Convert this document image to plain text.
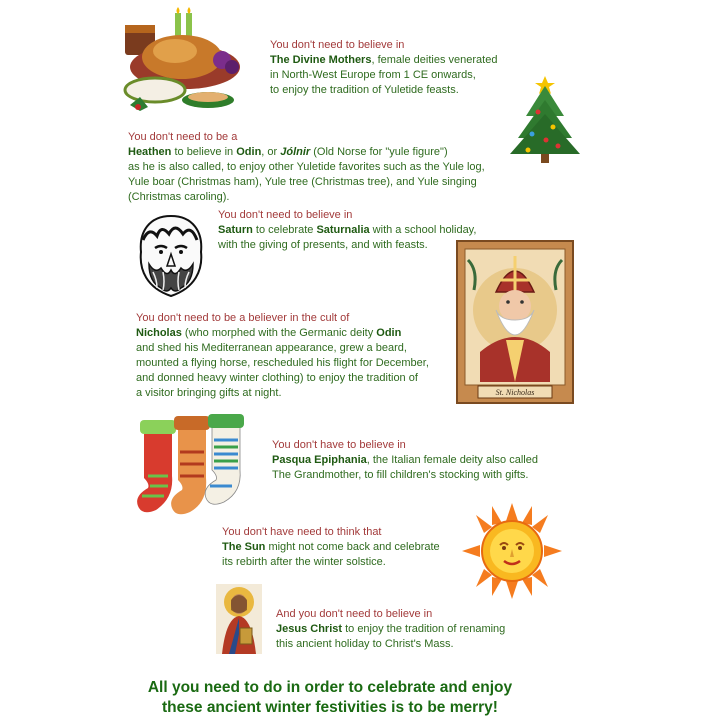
You don't need to believe in
The Divine Mothers, female deities venerated
in North-West Europe from 1 CE onwards,
to enjoy the tradition of Yuletide feasts.
You don't need to be a
Heathen to believe in Odin, or Jólnir (Old Norse for "yule figure")
as he is also called, to enjoy other Yuletide favorites such as the Yule log,
Yule boar (Christmas ham), Yule tree (Christmas tree), and Yule singing
(Christmas caroling).
You don't need to believe in
Saturn to celebrate Saturnalia with a school holiday,
with the giving of presents, and with feasts.
St. Nicholas
You don't need to be a believer in the cult of
Nicholas (who morphed with the Germanic deity Odin
and shed his Mediterranean appearance, grew a beard,
mounted a flying horse, rescheduled his flight for December,
and donned heavy winter clothing) to enjoy the tradition of
a visitor bringing gifts at night.
You don't have to believe in
Pasqua Epiphania, the Italian female deity also called
The Grandmother, to fill children's stocking with gifts.
You don't have need to think that
The Sun might not come back and celebrate
its rebirth after the winter solstice.
And you don't need to believe in
Jesus Christ to enjoy the tradition of renaming
this ancient holiday to Christ's Mass.
All you need to do in order to celebrate and enjoy
these ancient winter festivities is to be merry!
